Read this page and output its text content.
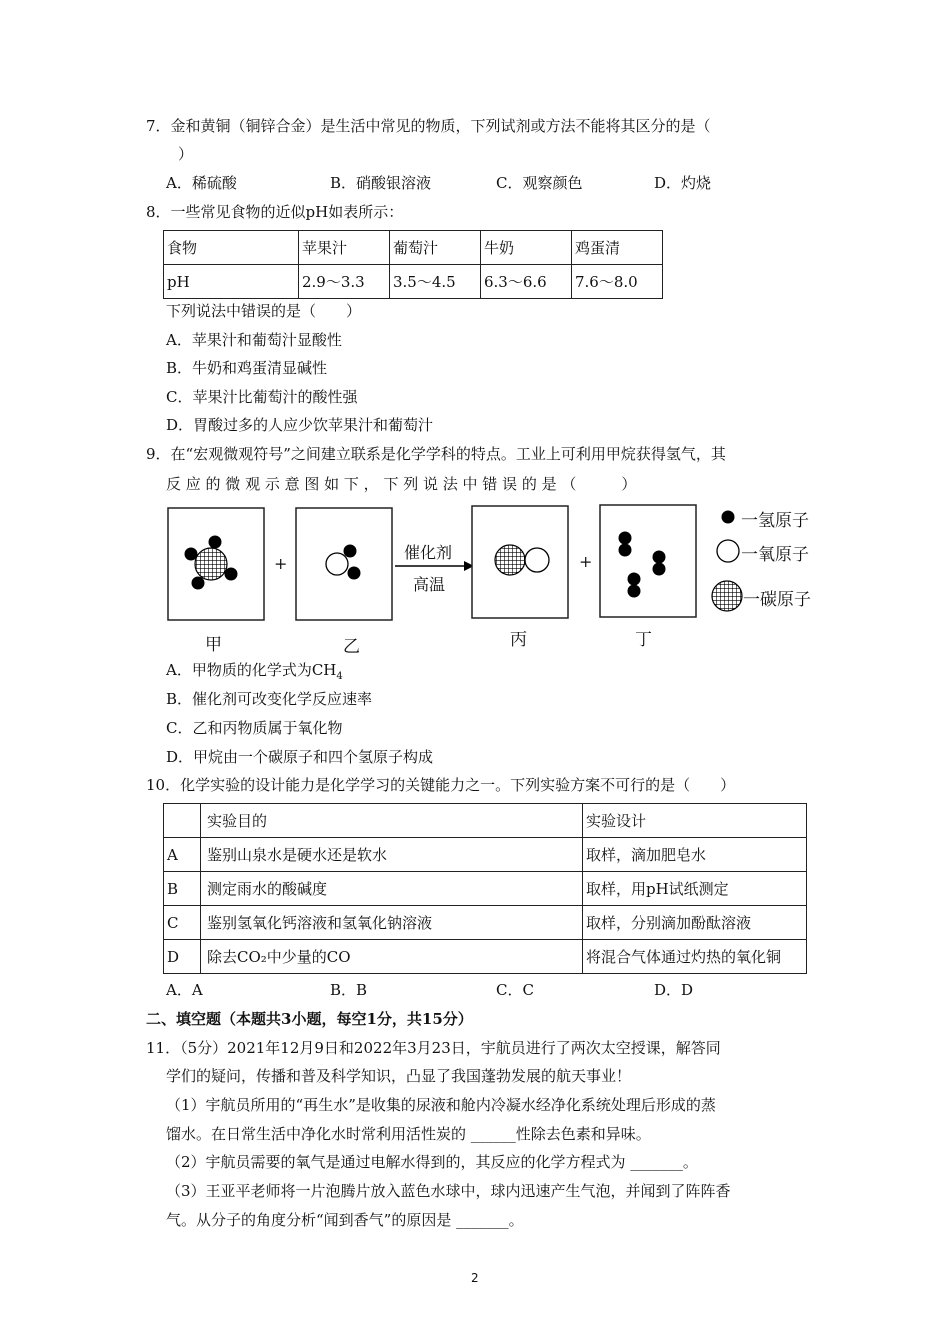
7．金和黄铜（铜锌合金）是生活中常见的物质，下列试剂或方法不能将其区分的是（
）
A．稀硫酸	B．硝酸银溶液	C．观察颜色	D．灼烧
8．一些常见食物的近似pH如表所示：
食物	苹果汁	葡萄汁	牛奶	鸡蛋清
pH	2.9～3.3	3.5～4.5	6.3～6.6	7.6～8.0
下列说法中错误的是（　　）
A．苹果汁和葡萄汁显酸性
B．牛奶和鸡蛋清显碱性
C．苹果汁比葡萄汁的酸性强
D．胃酸过多的人应少饮苹果汁和葡萄汁
9．在“宏观微观符号”之间建立联系是化学学科的特点。工业上可利用甲烷获得氢气，其
反 应 的 微 观 示 意 图 如 下 ， 下 列 说 法 中 错 误 的 是 （　　　）
+	+
催化剂
高温
甲	乙	丙	丁
一氢原子
一氧原子
一碳原子
A．甲物质的化学式为$CH_4$
B．催化剂可改变化学反应速率
C．乙和丙物质属于氧化物
D．甲烷由一个碳原子和四个氢原子构成
10．化学实验的设计能力是化学学习的关键能力之一。下列实验方案不可行的是（　　）
	实验目的	实验设计
A	鉴别山泉水是硬水还是软水	取样，滴加肥皂水
B	测定雨水的酸碱度	取样，用pH试纸测定
C	鉴别氢氧化钙溶液和氢氧化钠溶液	取样，分别滴加酚酞溶液
D	除去CO₂中少量的CO	将混合气体通过灼热的氧化铜
A．A	B．B	C．C	D．D
二、填空题（本题共3小题，每空1分，共15分）
11．（5分）2021年12月9日和2022年3月23日，宇航员进行了两次太空授课，解答同
学们的疑问，传播和普及科学知识，凸显了我国蓬勃发展的航天事业！
（1）宇航员所用的“再生水”是收集的尿液和舱内冷凝水经净化系统处理后形成的蒸
馏水。在日常生活中净化水时常利用活性炭的 ______性除去色素和异味。
（2）宇航员需要的氧气是通过电解水得到的，其反应的化学方程式为 _______。
（3）王亚平老师将一片泡腾片放入蓝色水球中，球内迅速产生气泡，并闻到了阵阵香
气。从分子的角度分析“闻到香气”的原因是 _______。
2
